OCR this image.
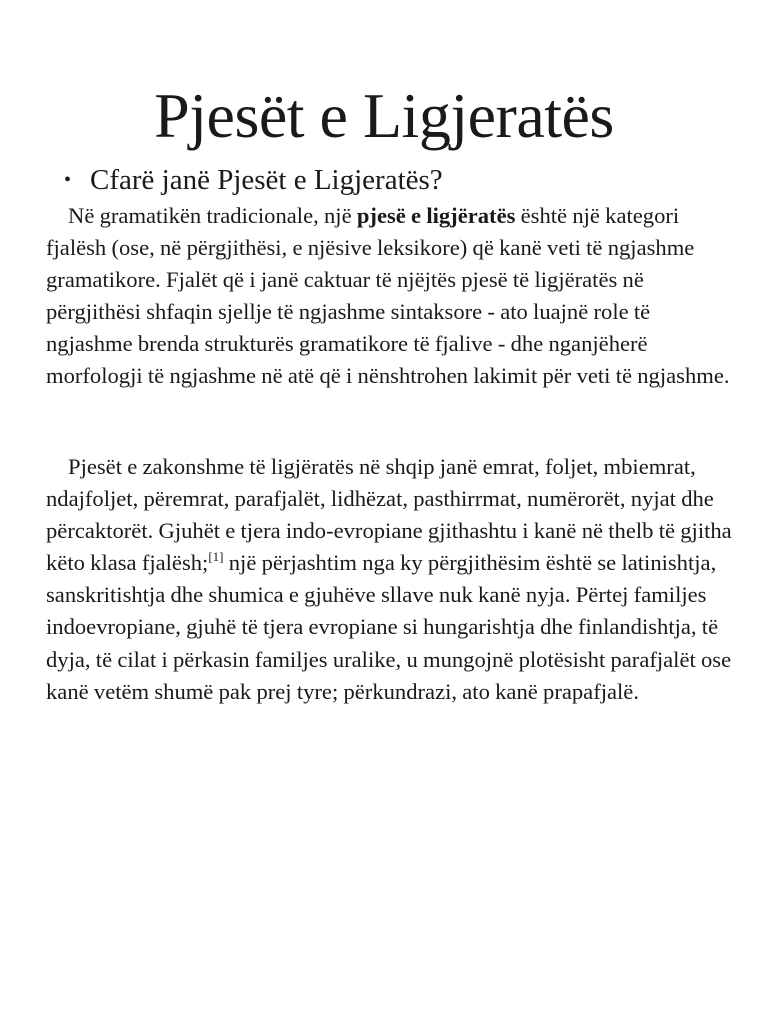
Pjesët e Ligjeratës
• Cfarë janë Pjesët e Ligjeratës?

Në gramatikën tradicionale, një pjesë e ligjëratës është një kategori fjalësh (ose, në përgjithësi, e njësive leksikore) që kanë veti të ngjashme gramatikore. Fjalët që i janë caktuar të njëjtës pjesë të ligjëratës në përgjithësi shfaqin sjellje të ngjashme sintaksore - ato luajnë role të ngjashme brenda strukturës gramatikore të fjalive - dhe nganjëherë morfologji të ngjashme në atë që i nënshtrohen lakimit për veti të ngjashme.

Pjesët e zakonshme të ligjëratës në shqip janë emrat, foljet, mbiemrat, ndajfoljet, përemrat, parafjalët, lidhëzat, pasthirrmat, numërorët, nyjat dhe përcaktorët. Gjuhët e tjera indo-evropiane gjithashtu i kanë në thelb të gjitha këto klasa fjalësh;[1] një përjashtim nga ky përgjithësim është se latinishtja, sanskritishtja dhe shumica e gjuhëve sllave nuk kanë nyja. Përtej familjes indoevropiane, gjuhë të tjera evropiane si hungarishtja dhe finlandishtja, të dyja, të cilat i përkasin familjes uralike, u mungojnë plotësisht parafjalët ose kanë vetëm shumë pak prej tyre; përkundrazi, ato kanë prapafjalë.
